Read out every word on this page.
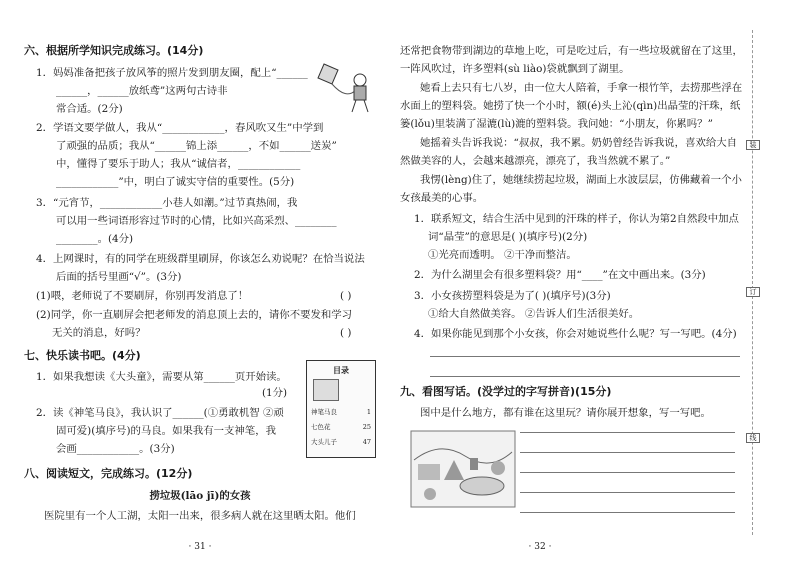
六、根据所学知识完成练习。(14分)
1．妈妈准备把孩子放风筝的照片发到朋友圈，配上“______
______，______放纸鸢”这两句古诗非
常合适。(2分)
2．学语文要学做人，我从“____________，春风吹又生”中学到
了顽强的品质；我从“______锦上添______，不如______送炭”
中，懂得了要乐于助人；我从“诚信者，____________
____________”中，明白了诚实守信的重要性。(5分)
3．“元宵节，____________小巷人如潮。”过节真热闹，我
可以用一些词语形容过节时的心情，比如兴高采烈、________
________。(4分)
4．上网课时，有的同学在班级群里刷屏，你该怎么劝说呢？在恰当说法
后面的括号里画“√”。(3分)
(1)喂，老师说了不要刷屏，你别再发消息了！	( )
(2)同学，你一直刷屏会把老师发的消息顶上去的，请你不要发和学习
无关的消息，好吗？	( )
七、快乐读书吧。(4分)
1．如果我想读《大头童》，需要从第______页开始读。
(1分)
2．读《神笔马良》，我认识了______(①勇敢机智 ②顽
固可爱)(填序号)的马良。如果我有一支神笔，我
会画____________。(3分)
目录
神笔马良	1
七色花	25
大头儿子	47
八、阅读短文，完成练习。(12分)
捞垃圾(lāo jī)的女孩
医院里有一个人工湖，太阳一出来，很多病人就在这里晒太阳。他们
· 31 ·
还常把食物带到湖边的草地上吃，可是吃过后，有一些垃圾就留在了这里，
一阵风吹过，许多塑料(sù liào)袋就飘到了湖里。
她看上去只有七八岁，由一位大人陪着，手拿一根竹竿，去捞那些浮在
水面上的塑料袋。她捞了快一个小时，额(é)头上沁(qìn)出晶莹的汗珠，纸
篓(lǒu)里装满了湿漉(lù)漉的塑料袋。我问她：“小朋友，你累吗？”
她摇着头告诉我说：“叔叔，我不累。奶奶曾经告诉我说，喜欢给大自
然做美容的人，会越来越漂亮，漂亮了，我当然就不累了。”
我愣(lèng)住了，她继续捞起垃圾，湖面上水波层层，仿佛藏着一个小
女孩最美的心事。
1．联系短文，结合生活中见到的汗珠的样子，你认为第2自然段中加点
词“晶莹”的意思是( )(填序号)(2分)
①光亮而透明。 ②干净而整洁。
2．为什么湖里会有很多塑料袋？用“____”在文中画出来。(3分)
3．小女孩捞塑料袋是为了( )(填序号)(3分)
①给大自然做美容。 ②告诉人们生活很美好。
4．如果你能见到那个小女孩，你会对她说些什么呢？写一写吧。(4分)
九、看图写话。(没学过的字写拼音)(15分)
图中是什么地方，都有谁在这里玩？请你展开想象，写一写吧。
· 32 ·
装
订
线
